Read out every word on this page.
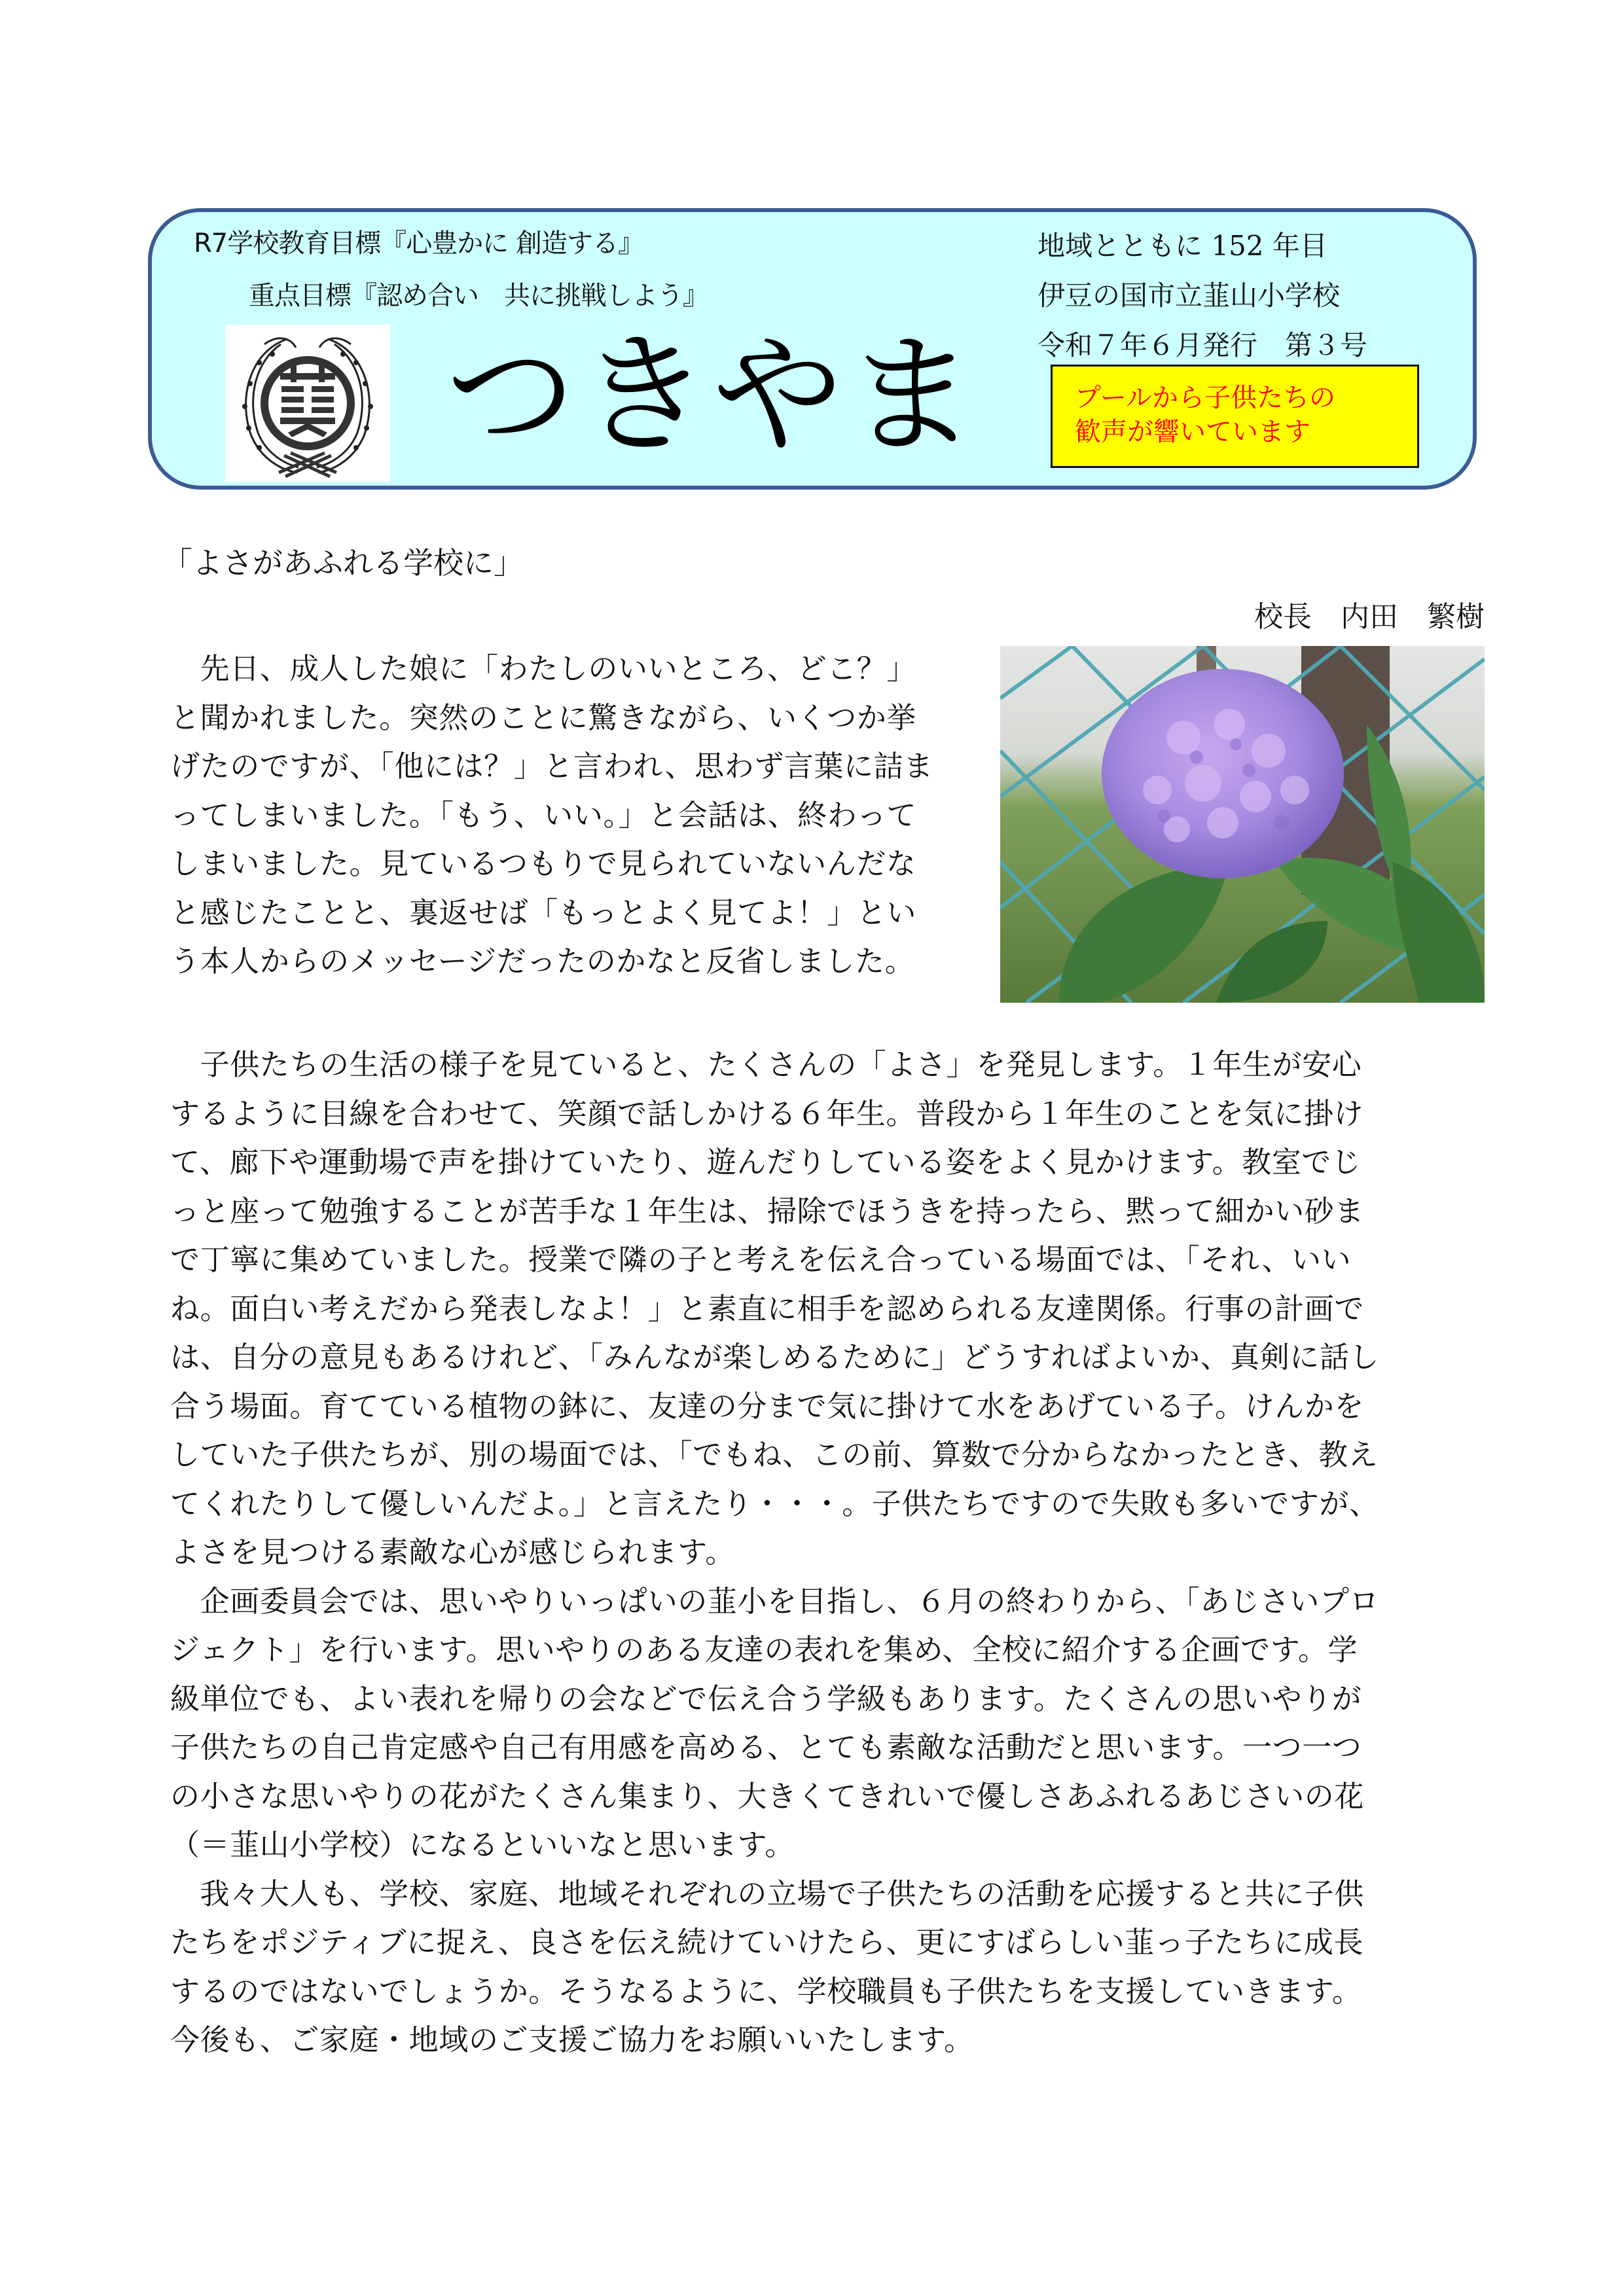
R7学校教育目標『心豊かに 創造する』
重点目標『認め合い　共に挑戦しよう』
つきやま
地域とともに 152 年目
伊豆の国市立韮山小学校
令和７年６月発行　第３号
プールから子供たちの
歓声が響いています
「よさがあふれる学校に」
校長　内田　繁樹
　先日、成人した娘に「わたしのいいところ、どこ？」
と聞かれました。突然のことに驚きながら、いくつか挙
げたのですが、「他には？」と言われ、思わず言葉に詰ま
ってしまいました。「もう、いい。」と会話は、終わって
しまいました。見ているつもりで見られていないんだな
と感じたことと、裏返せば「もっとよく見てよ！」とい
う本人からのメッセージだったのかなと反省しました。
　子供たちの生活の様子を見ていると、たくさんの「よさ」を発見します。１年生が安心
するように目線を合わせて、笑顔で話しかける６年生。普段から１年生のことを気に掛け
て、廊下や運動場で声を掛けていたり、遊んだりしている姿をよく見かけます。教室でじ
っと座って勉強することが苦手な１年生は、掃除でほうきを持ったら、黙って細かい砂ま
で丁寧に集めていました。授業で隣の子と考えを伝え合っている場面では、「それ、いい
ね。面白い考えだから発表しなよ！」と素直に相手を認められる友達関係。行事の計画で
は、自分の意見もあるけれど、「みんなが楽しめるために」どうすればよいか、真剣に話し
合う場面。育てている植物の鉢に、友達の分まで気に掛けて水をあげている子。けんかを
していた子供たちが、別の場面では、「でもね、この前、算数で分からなかったとき、教え
てくれたりして優しいんだよ。」と言えたり・・・。子供たちですので失敗も多いですが、
よさを見つける素敵な心が感じられます。
　企画委員会では、思いやりいっぱいの韮小を目指し、６月の終わりから、「あじさいプロ
ジェクト」を行います。思いやりのある友達の表れを集め、全校に紹介する企画です。学
級単位でも、よい表れを帰りの会などで伝え合う学級もあります。たくさんの思いやりが
子供たちの自己肯定感や自己有用感を高める、とても素敵な活動だと思います。一つ一つ
の小さな思いやりの花がたくさん集まり、大きくてきれいで優しさあふれるあじさいの花
（＝韮山小学校）になるといいなと思います。
　我々大人も、学校、家庭、地域それぞれの立場で子供たちの活動を応援すると共に子供
たちをポジティブに捉え、良さを伝え続けていけたら、更にすばらしい韮っ子たちに成長
するのではないでしょうか。そうなるように、学校職員も子供たちを支援していきます。
今後も、ご家庭・地域のご支援ご協力をお願いいたします。
